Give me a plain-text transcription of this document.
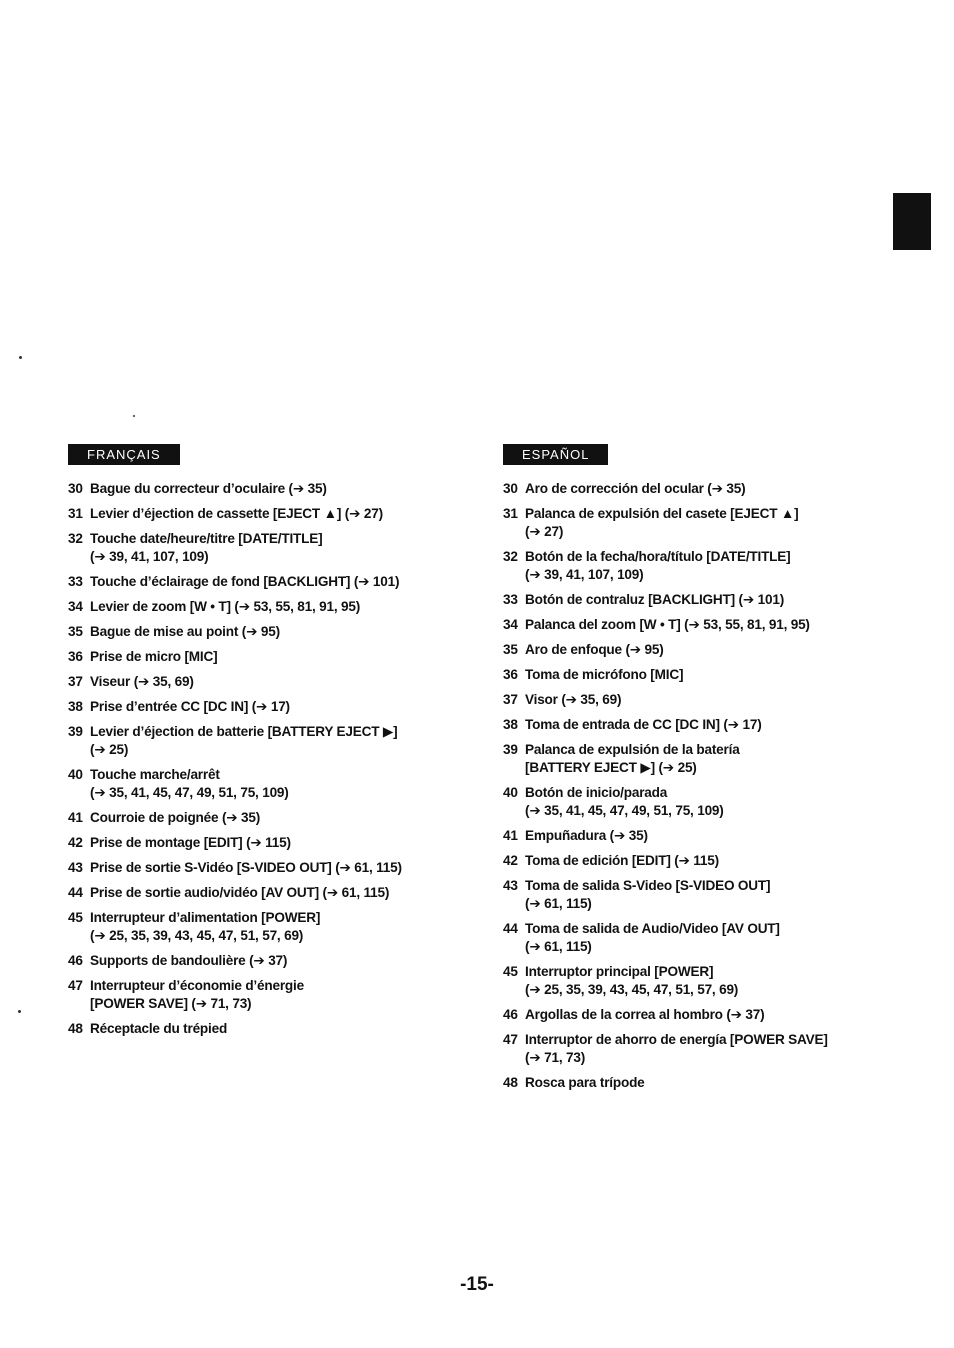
FRANÇAIS
30 Bague du correcteur d’oculaire (➔ 35)
31 Levier d’éjection de cassette [EJECT ▲] (➔ 27)
32 Touche date/heure/titre [DATE/TITLE]
(➔ 39, 41, 107, 109)
33 Touche d’éclairage de fond [BACKLIGHT] (➔ 101)
34 Levier de zoom [W • T] (➔ 53, 55, 81, 91, 95)
35 Bague de mise au point (➔ 95)
36 Prise de micro [MIC]
37 Viseur (➔ 35, 69)
38 Prise d’entrée CC [DC IN] (➔ 17)
39 Levier d’éjection de batterie [BATTERY EJECT ▶]
(➔ 25)
40 Touche marche/arrêt
(➔ 35, 41, 45, 47, 49, 51, 75, 109)
41 Courroie de poignée (➔ 35)
42 Prise de montage [EDIT] (➔ 115)
43 Prise de sortie S-Vidéo [S-VIDEO OUT] (➔ 61, 115)
44 Prise de sortie audio/vidéo [AV OUT] (➔ 61, 115)
45 Interrupteur d’alimentation [POWER]
(➔ 25, 35, 39, 43, 45, 47, 51, 57, 69)
46 Supports de bandoulière (➔ 37)
47 Interrupteur d’économie d’énergie
[POWER SAVE] (➔ 71, 73)
48 Réceptacle du trépied
ESPAÑOL
30 Aro de corrección del ocular (➔ 35)
31 Palanca de expulsión del casete [EJECT ▲]
(➔ 27)
32 Botón de la fecha/hora/título [DATE/TITLE]
(➔ 39, 41, 107, 109)
33 Botón de contraluz [BACKLIGHT] (➔ 101)
34 Palanca del zoom [W • T] (➔ 53, 55, 81, 91, 95)
35 Aro de enfoque (➔ 95)
36 Toma de micrófono [MIC]
37 Visor (➔ 35, 69)
38 Toma de entrada de CC [DC IN] (➔ 17)
39 Palanca de expulsión de la batería
[BATTERY EJECT ▶] (➔ 25)
40 Botón de inicio/parada
(➔ 35, 41, 45, 47, 49, 51, 75, 109)
41 Empuñadura (➔ 35)
42 Toma de edición [EDIT] (➔ 115)
43 Toma de salida S-Video [S-VIDEO OUT]
(➔ 61, 115)
44 Toma de salida de Audio/Video [AV OUT]
(➔ 61, 115)
45 Interruptor principal [POWER]
(➔ 25, 35, 39, 43, 45, 47, 51, 57, 69)
46 Argollas de la correa al hombro (➔ 37)
47 Interruptor de ahorro de energía [POWER SAVE]
(➔ 71, 73)
48 Rosca para trípode
-15-
